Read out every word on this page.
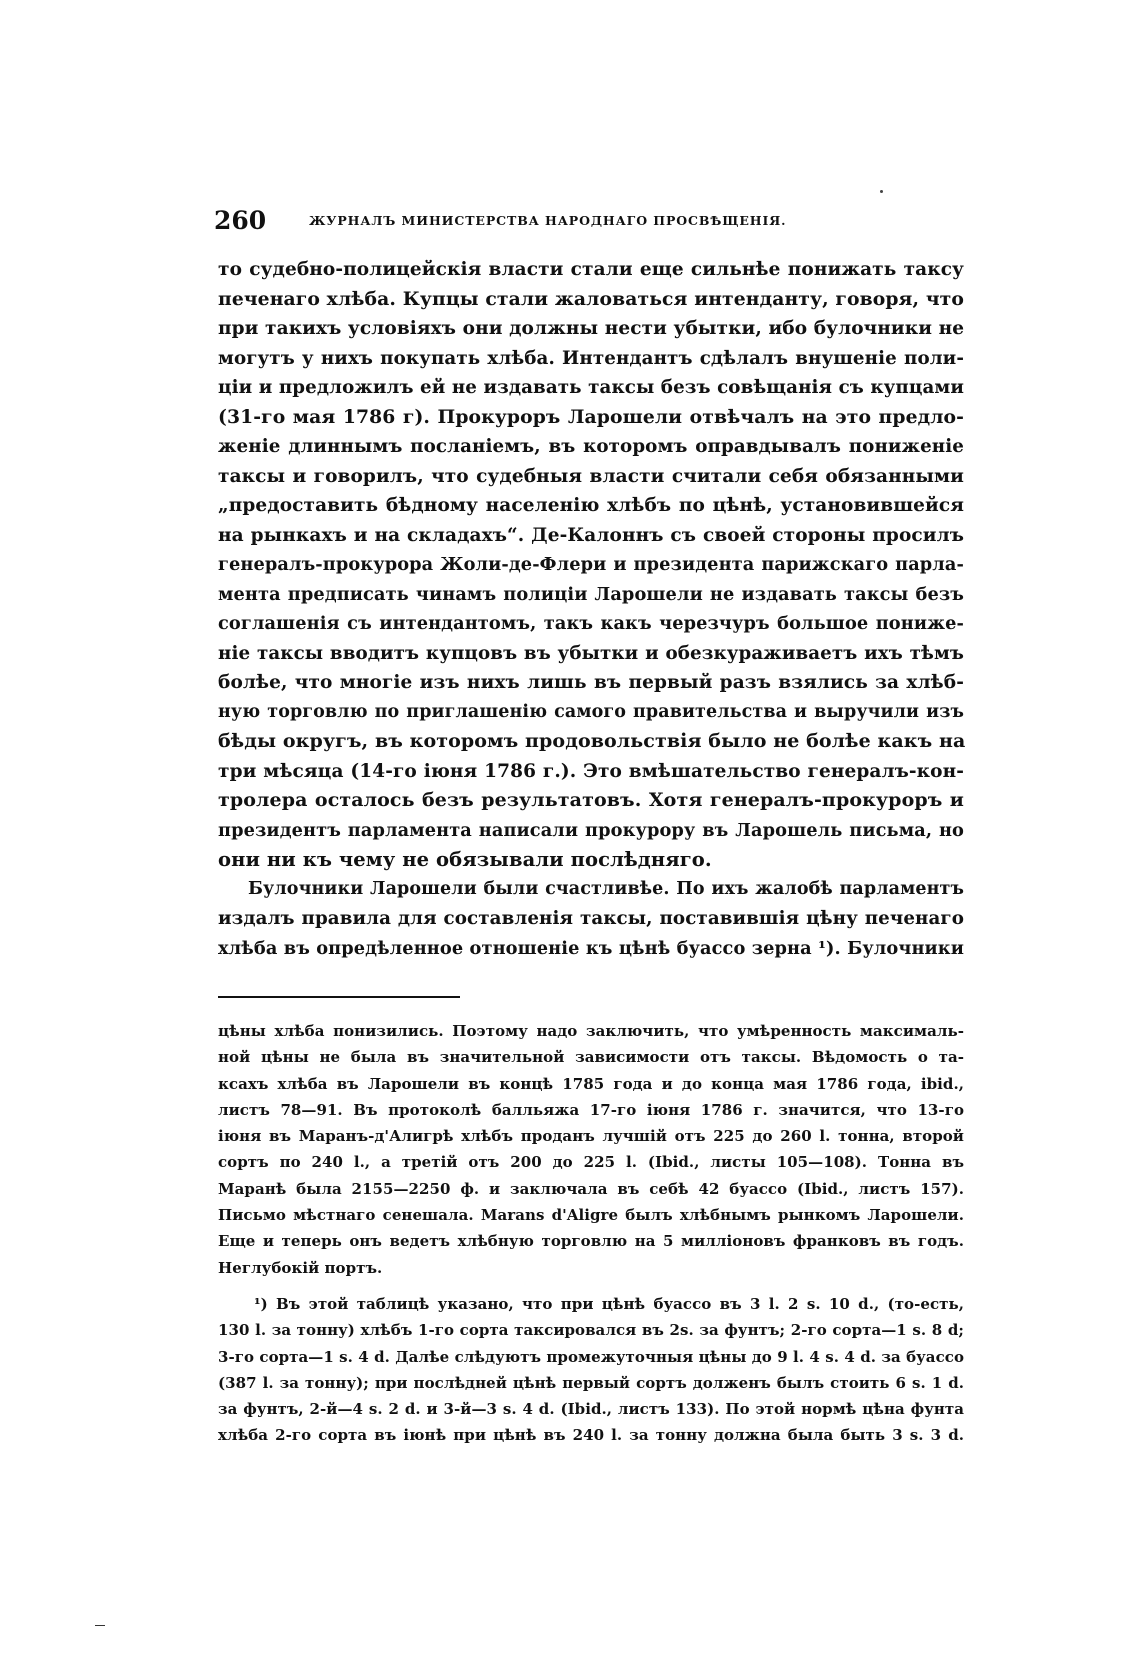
260	ЖУРНАЛЪ МИНИСТЕРСТВА НАРОДНАГО ПРОСВѢЩЕНІЯ.
то судебно-полицейскія власти стали еще сильнѣе понижать таксу
печенаго хлѣба. Купцы стали жаловаться интенданту, говоря, что
при такихъ условіяхъ они должны нести убытки, ибо булочники не
могутъ у нихъ покупать хлѣба. Интендантъ сдѣлалъ внушеніе поли-
ціи и предложилъ ей не издавать таксы безъ совѣщанія съ купцами
(31-го мая 1786 г). Прокуроръ Ларошели отвѣчалъ на это предло-
женіе длиннымъ посланіемъ, въ которомъ оправдывалъ пониженіе
таксы и говорилъ, что судебныя власти считали себя обязанными
„предоставить бѣдному населенію хлѣбъ по цѣнѣ, установившейся
на рынкахъ и на складахъ“. Де-Калоннъ съ своей стороны просилъ
генералъ-прокурора Жоли-де-Флери и президента парижскаго парла-
мента предписать чинамъ полиціи Ларошели не издавать таксы безъ
соглашенія съ интендантомъ, такъ какъ черезчуръ большое пониже-
ніе таксы вводитъ купцовъ въ убытки и обезкураживаетъ ихъ тѣмъ
болѣе, что многіе изъ нихъ лишь въ первый разъ взялись за хлѣб-
ную торговлю по приглашенію самого правительства и выручили изъ
бѣды округъ, въ которомъ продовольствія было не болѣе какъ на
три мѣсяца (14-го іюня 1786 г.). Это вмѣшательство генералъ-кон-
тролера осталось безъ результатовъ. Хотя генералъ-прокуроръ и
президентъ парламента написали прокурору въ Ларошель письма, но
они ни къ чему не обязывали послѣдняго.
Булочники Ларошели были счастливѣе. По ихъ жалобѣ парламентъ
издалъ правила для составленія таксы, поставившія цѣну печенаго
хлѣба въ опредѣленное отношеніе къ цѣнѣ буассо зерна ¹). Булочники
цѣны хлѣба понизились. Поэтому надо заключить, что умѣренность максималь-
ной цѣны не была въ значительной зависимости отъ таксы. Вѣдомость о та-
ксахъ хлѣба въ Ларошели въ концѣ 1785 года и до конца мая 1786 года, ibid.,
листъ 78—91. Въ протоколѣ балльяжа 17-го іюня 1786 г. значится, что 13-го
іюня въ Маранъ-д'Алигрѣ хлѣбъ проданъ лучшій отъ 225 до 260 l. тонна, второй
сортъ по 240 l., а третій отъ 200 до 225 l. (Ibid., листы 105—108). Тонна въ
Маранѣ была 2155—2250 ф. и заключала въ себѣ 42 буассо (Ibid., листъ 157).
Письмо мѣстнаго сенешала. Marans d'Aligre былъ хлѣбнымъ рынкомъ Ларошели.
Еще и теперь онъ ведетъ хлѣбную торговлю на 5 милліоновъ франковъ въ годъ.
Неглубокій портъ.
¹) Въ этой таблицѣ указано, что при цѣнѣ буассо въ 3 l. 2 s. 10 d., (то-есть,
130 l. за тонну) хлѣбъ 1-го сорта таксировался въ 2s. за фунтъ; 2-го сорта—1 s. 8 d;
3-го сорта—1 s. 4 d. Далѣе слѣдуютъ промежуточныя цѣны до 9 l. 4 s. 4 d. за буассо
(387 l. за тонну); при послѣдней цѣнѣ первый сортъ долженъ былъ стоить 6 s. 1 d.
за фунтъ, 2-й—4 s. 2 d. и 3-й—3 s. 4 d. (Ibid., листъ 133). По этой нормѣ цѣна фунта
хлѣба 2-го сорта въ іюнѣ при цѣнѣ въ 240 l. за тонну должна была быть 3 s. 3 d.
